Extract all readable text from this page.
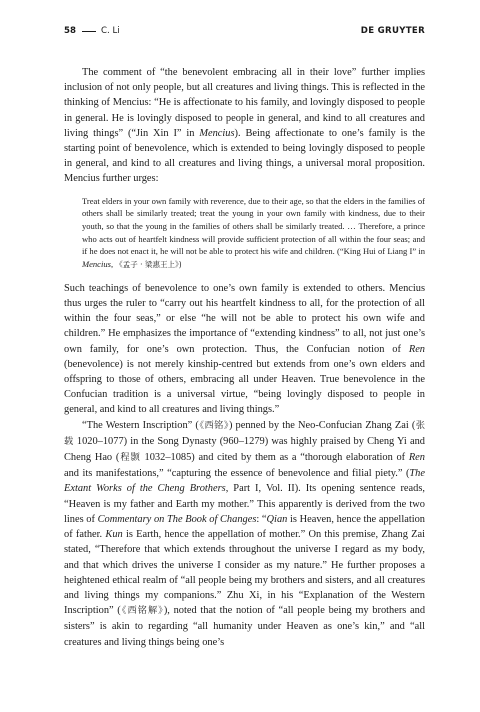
58	C. Li	DE GRUYTER

The comment of “the benevolent embracing all in their love” further implies inclusion of not only people, but all creatures and living things. This is reflected in the thinking of Mencius: “He is affectionate to his family, and lovingly disposed to people in general. He is lovingly disposed to people in general, and kind to all creatures and living things” (“Jin Xin I” in Mencius). Being affectionate to one’s family is the starting point of benevolence, which is extended to being lovingly disposed to people in general, and kind to all creatures and living things, a universal moral proposition. Mencius further urges:

Treat elders in your own family with reverence, due to their age, so that the elders in the families of others shall be similarly treated; treat the young in your own family with kindness, due to their youth, so that the young in the families of others shall be similarly treated. … Therefore, a prince who acts out of heartfelt kindness will provide sufficient protection of all within the four seas; and if he does not enact it, he will not be able to protect his wife and children. (“King Hui of Liang I” in Mencius, 《孟子 · 梁惠王上》)

Such teachings of benevolence to one’s own family is extended to others. Mencius thus urges the ruler to “carry out his heartfelt kindness to all, for the protection of all within the four seas,” or else “he will not be able to protect his own wife and children.” He emphasizes the importance of “extending kindness” to all, not just one’s own family, for one’s own protection. Thus, the Confucian notion of Ren (benevolence) is not merely kinship-centred but extends from one’s own elders and offspring to those of others, embracing all under Heaven. True benevolence in the Confucian tradition is a universal virtue, “being lovingly disposed to people in general, and kind to all creatures and living things.”

“The Western Inscription” (《西铭》) penned by the Neo-Confucian Zhang Zai (张载 1020–1077) in the Song Dynasty (960–1279) was highly praised by Cheng Yi and Cheng Hao (程颢 1032–1085) and cited by them as a “thorough elaboration of Ren and its manifestations,” “capturing the essence of benevolence and filial piety.” (The Extant Works of the Cheng Brothers, Part I, Vol. II). Its opening sentence reads, “Heaven is my father and Earth my mother.” This apparently is derived from the two lines of Commentary on The Book of Changes: “Qian is Heaven, hence the appellation of father. Kun is Earth, hence the appellation of mother.” On this premise, Zhang Zai stated, “Therefore that which extends throughout the universe I regard as my body, and that which drives the universe I consider as my nature.” He further proposes a heightened ethical realm of “all people being my brothers and sisters, and all creatures and living things my companions.” Zhu Xi, in his “Explanation of the Western Inscription” (《西铭解》), noted that the notion of “all people being my brothers and sisters” is akin to regarding “all humanity under Heaven as one’s kin,” and “all creatures and living things being one’s
